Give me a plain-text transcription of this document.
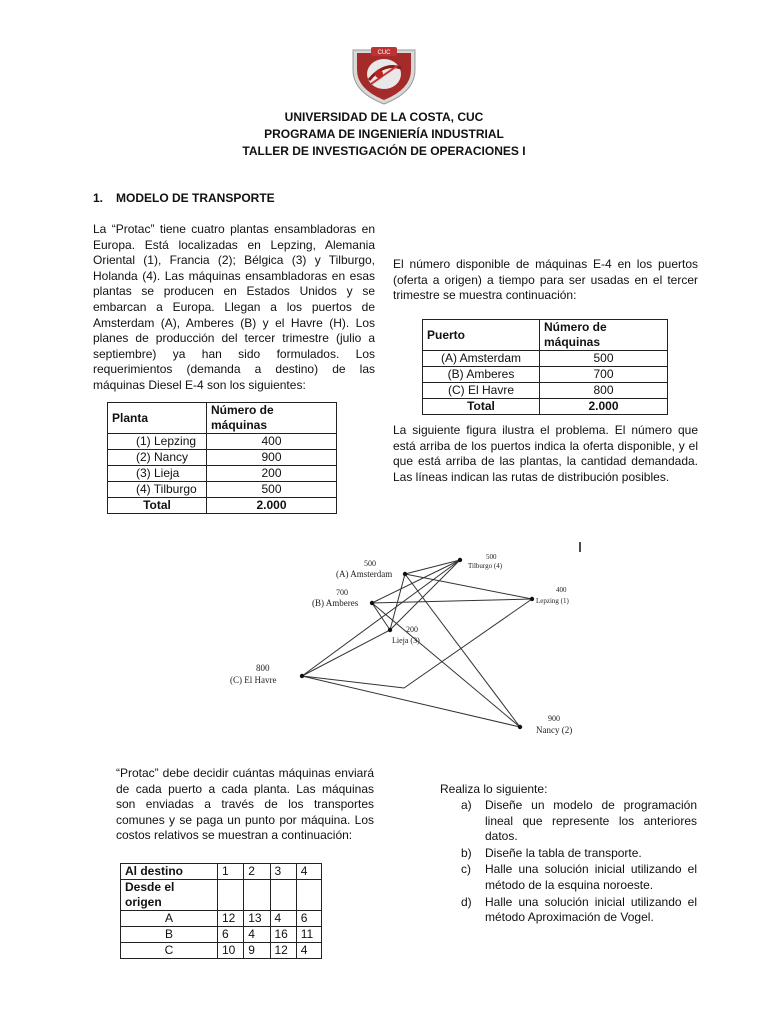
CUC
UNIVERSIDAD DE LA COSTA, CUC
PROGRAMA DE INGENIERÍA INDUSTRIAL
TALLER DE INVESTIGACIÓN DE OPERACIONES I
1. MODELO DE TRANSPORTE
La “Protac” tiene cuatro plantas ensambladoras en Europa. Está localizadas en Lepzing, Alemania Oriental (1), Francia (2); Bélgica (3) y Tilburgo, Holanda (4). Las máquinas ensambladoras en esas plantas se producen en Estados Unidos y se embarcan a Europa. Llegan a los puertos de Amsterdam (A), Amberes (B) y el Havre (H). Los planes de producción del tercer trimestre (julio a septiembre) ya han sido formulados. Los requerimientos (demanda a destino) de las máquinas Diesel E-4 son los siguientes:
Planta	Número de máquinas
(1) Lepzing	400
(2) Nancy	900
(3) Lieja	200
(4) Tilburgo	500
Total	2.000
El número disponible de máquinas E-4 en los puertos (oferta a origen) a tiempo para ser usadas en el tercer trimestre se muestra continuación:
Puerto	Número de máquinas
(A) Amsterdam	500
(B) Amberes	700
(C) El Havre	800
Total	2.000
La siguiente figura ilustra el problema. El número que está arriba de los puertos indica la oferta disponible, y el que está arriba de las plantas, la cantidad demandada. Las líneas indican las rutas de distribución posibles.
500
(A) Amsterdam
700
(B) Amberes
800
(C) El Havre
200
Lieja (3)
500
Tilburgo (4)
400
Lepzing (1)
900
Nancy (2)
“Protac” debe decidir cuántas máquinas enviará de cada puerto a cada planta. Las máquinas son enviadas a través de los transportes comunes y se paga un punto por máquina. Los costos relativos se muestran a continuación:
Al destino	1	2	3	4
Desde el origen				
A	12	13	4	6
B	6	4	16	11
C	10	9	12	4
Realiza lo siguiente:
a)	Diseñe un modelo de programación lineal que represente los anteriores datos.
b)	Diseñe la tabla de transporte.
c)	Halle una solución inicial utilizando el método de la esquina noroeste.
d)	Halle una solución inicial utilizando el método Aproximación de Vogel.
